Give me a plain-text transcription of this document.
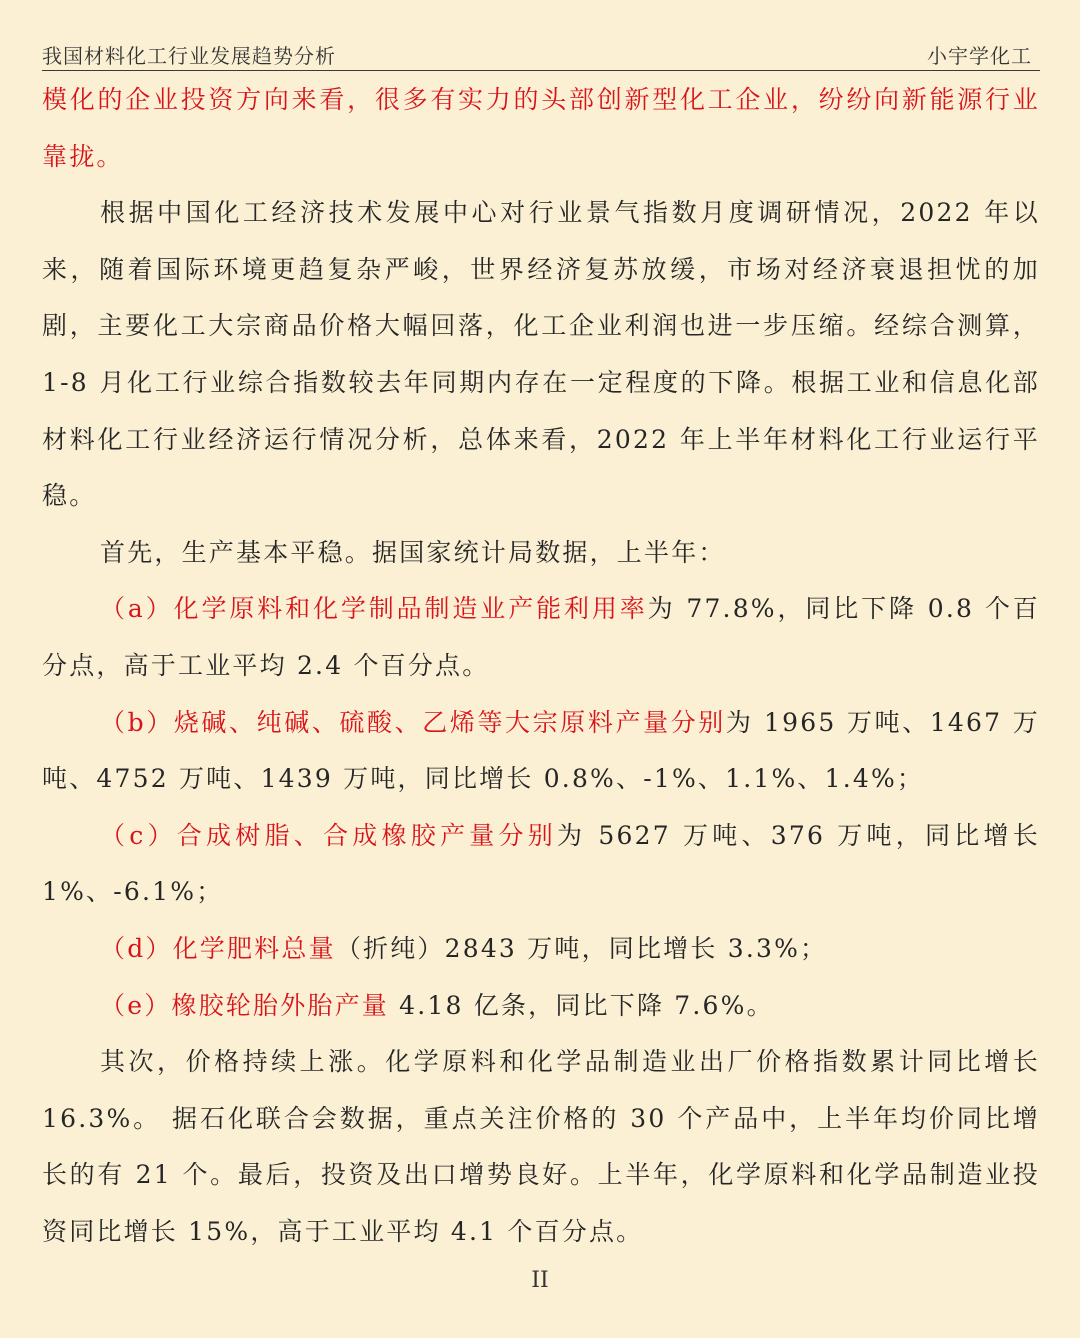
我国材料化工行业发展趋势分析	小宇学化工

模化的企业投资方向来看，很多有实力的头部创新型化工企业，纷纷向新能源行业靠拢。

根据中国化工经济技术发展中心对行业景气指数月度调研情况，2022 年以来，随着国际环境更趋复杂严峻，世界经济复苏放缓，市场对经济衰退担忧的加剧，主要化工大宗商品价格大幅回落，化工企业利润也进一步压缩。经综合测算，1-8 月化工行业综合指数较去年同期内存在一定程度的下降。根据工业和信息化部材料化工行业经济运行情况分析，总体来看，2022 年上半年材料化工行业运行平稳。

首先，生产基本平稳。据国家统计局数据，上半年：

（a）化学原料和化学制品制造业产能利用率为 77.8%，同比下降 0.8 个百分点，高于工业平均 2.4 个百分点。

（b）烧碱、纯碱、硫酸、乙烯等大宗原料产量分别为 1965 万吨、1467 万吨、4752 万吨、1439 万吨，同比增长 0.8%、-1%、1.1%、1.4%；

（c）合成树脂、合成橡胶产量分别为 5627 万吨、376 万吨，同比增长 1%、-6.1%；

（d）化学肥料总量（折纯）2843 万吨，同比增长 3.3%；

（e）橡胶轮胎外胎产量 4.18 亿条，同比下降 7.6%。

其次，价格持续上涨。化学原料和化学品制造业出厂价格指数累计同比增长 16.3%。 据石化联合会数据，重点关注价格的 30 个产品中，上半年均价同比增长的有 21 个。最后，投资及出口增势良好。上半年，化学原料和化学品制造业投资同比增长 15%，高于工业平均 4.1 个百分点。

II
